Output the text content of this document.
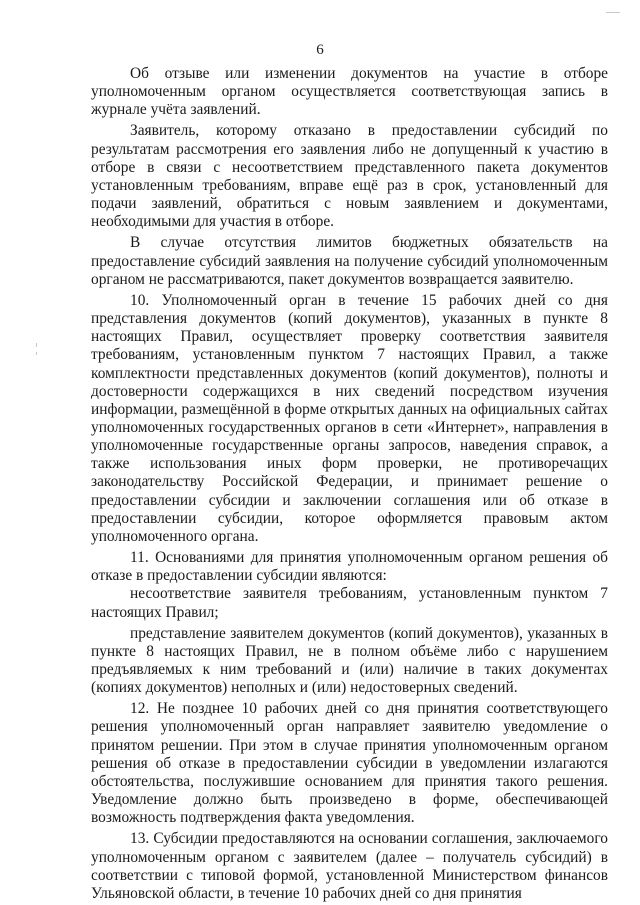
6

Об отзыве или изменении документов на участие в отборе уполномоченным органом осуществляется соответствующая запись в журнале учёта заявлений.

Заявитель, которому отказано в предоставлении субсидий по результатам рассмотрения его заявления либо не допущенный к участию в отборе в связи с несоответствием представленного пакета документов установленным требованиям, вправе ещё раз в срок, установленный для подачи заявлений, обратиться с новым заявлением и документами, необходимыми для участия в отборе.

В случае отсутствия лимитов бюджетных обязательств на предоставление субсидий заявления на получение субсидий уполномоченным органом не рассматриваются, пакет документов возвращается заявителю.

10. Уполномоченный орган в течение 15 рабочих дней со дня представления документов (копий документов), указанных в пункте 8 настоящих Правил, осуществляет проверку соответствия заявителя требованиям, установленным пунктом 7 настоящих Правил, а также комплектности представленных документов (копий документов), полноты и достоверности содержащихся в них сведений посредством изучения информации, размещённой в форме открытых данных на официальных сайтах уполномоченных государственных органов в сети «Интернет», направления в уполномоченные государственные органы запросов, наведения справок, а также использования иных форм проверки, не противоречащих законодательству Российской Федерации, и принимает решение о предоставлении субсидии и заключении соглашения или об отказе в предоставлении субсидии, которое оформляется правовым актом уполномоченного органа.

11. Основаниями для принятия уполномоченным органом решения об отказе в предоставлении субсидии являются:

несоответствие заявителя требованиям, установленным пунктом 7 настоящих Правил;

представление заявителем документов (копий документов), указанных в пункте 8 настоящих Правил, не в полном объёме либо с нарушением предъявляемых к ним требований и (или) наличие в таких документах (копиях документов) неполных и (или) недостоверных сведений.

12. Не позднее 10 рабочих дней со дня принятия соответствующего решения уполномоченный орган направляет заявителю уведомление о принятом решении. При этом в случае принятия уполномоченным органом решения об отказе в предоставлении субсидии в уведомлении излагаются обстоятельства, послужившие основанием для принятия такого решения. Уведомление должно быть произведено в форме, обеспечивающей возможность подтверждения факта уведомления.

13. Субсидии предоставляются на основании соглашения, заключаемого уполномоченным органом с заявителем (далее – получатель субсидий) в соответствии с типовой формой, установленной Министерством финансов Ульяновской области, в течение 10 рабочих дней со дня принятия
